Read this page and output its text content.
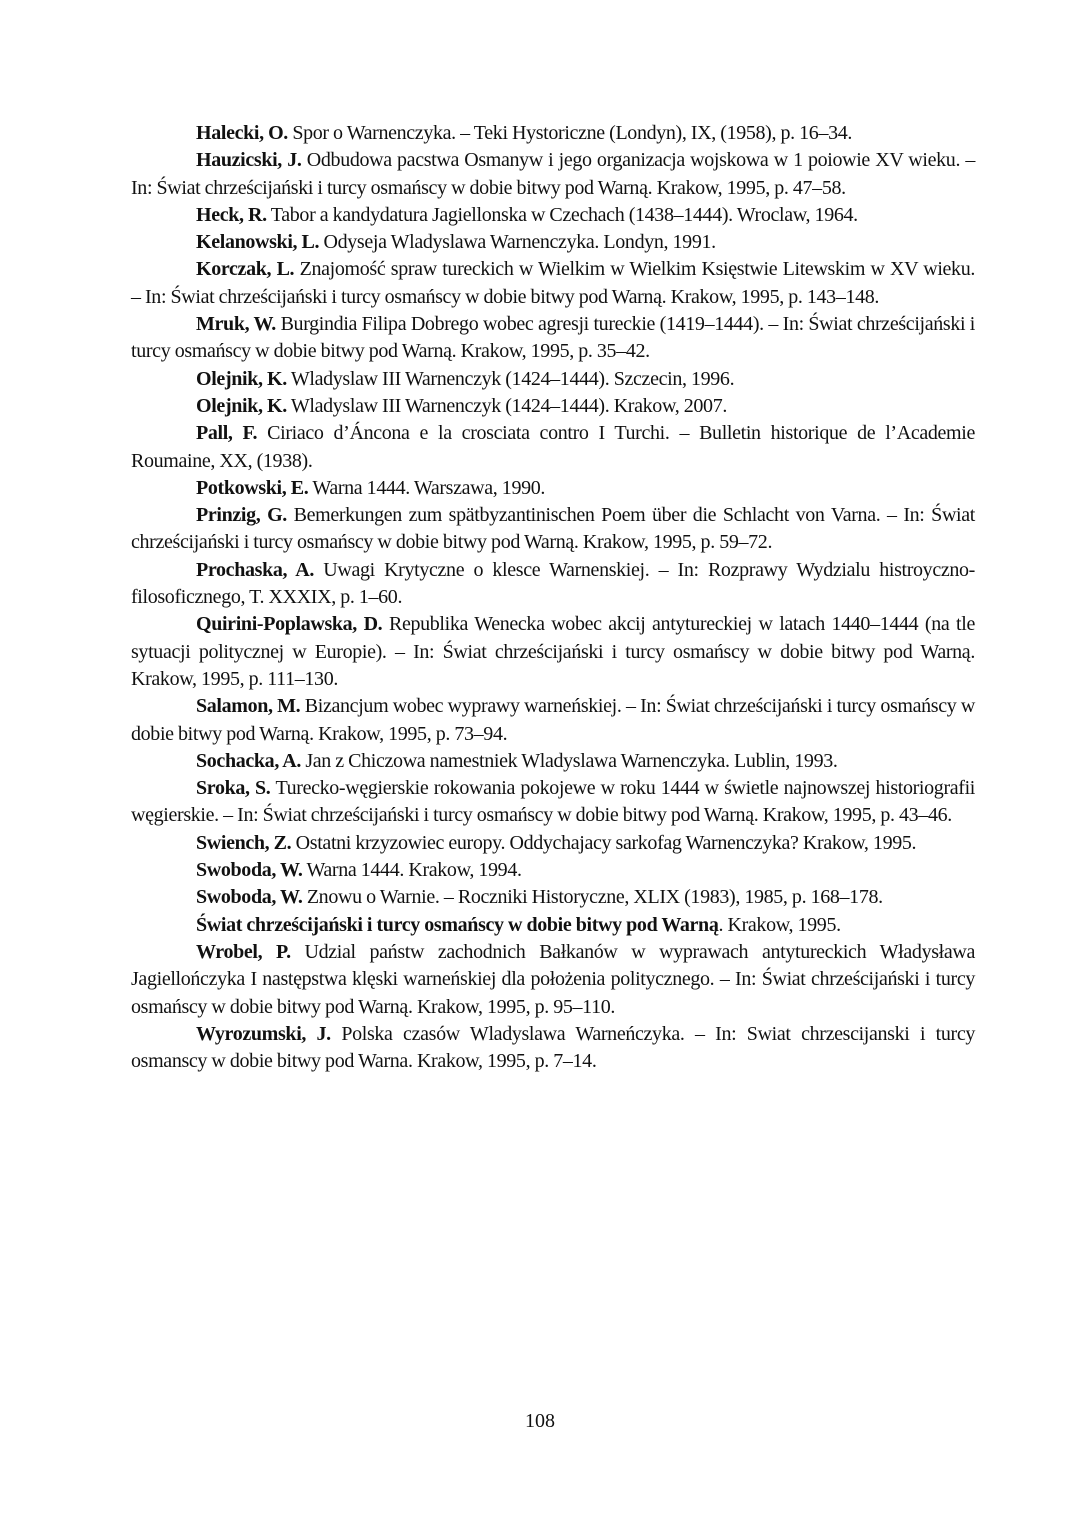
Halecki, O. Spor o Warnenczyka. – Teki Hystoriczne (Londyn), IX, (1958), p. 16–34.

Hauzicski, J. Odbudowa pacstwa Osmanyw i jego organizacja wojskowa w 1 poiowie XV wieku. – In: Świat chrześcijański i turcy osmańscy w dobie bitwy pod Warną. Krakow, 1995, p. 47–58.

Heck, R. Tabor a kandydatura Jagiellonska w Czechach (1438–1444). Wroclaw, 1964.

Kelanowski, L. Odyseja Wladyslawa Warnenczyka. Londyn, 1991.

Korczak, L. Znajomość spraw tureckich w Wielkim w Wielkim Księstwie Litewskim w XV wieku. – In: Świat chrześcijański i turcy osmańscy w dobie bitwy pod Warną. Krakow, 1995, p. 143–148.

Mruk, W. Burgindia Filipa Dobrego wobec agresji tureckie (1419–1444). – In: Świat chrześcijański i turcy osmańscy w dobie bitwy pod Warną. Krakow, 1995, p. 35–42.

Olejnik, K. Wladyslaw III Warnenczyk (1424–1444). Szczecin, 1996.

Olejnik, K. Wladyslaw III Warnenczyk (1424–1444). Krakow, 2007.

Pall, F. Ciriaco d’Áncona e la crosciata contro I Turchi. – Bulletin historique de l’Academie Roumaine, XX, (1938).

Potkowski, E. Warna 1444. Warszawa, 1990.

Prinzig, G. Bemerkungen zum spätbyzantinischen Poem über die Schlacht von Varna. – In: Świat chrześcijański i turcy osmańscy w dobie bitwy pod Warną. Krakow, 1995, p. 59–72.

Prochaska, A. Uwagi Krytyczne o klesce Warnenskiej. – In: Rozprawy Wydzialu histroyczno-filosoficznego, T. XXXIX, p. 1–60.

Quirini-Poplawska, D. Republika Wenecka wobec akcij antytureckiej w latach 1440–1444 (na tle sytuacji politycznej w Europie). – In: Świat chrześcijański i turcy osmańscy w dobie bitwy pod Warną. Krakow, 1995, p. 111–130.

Salamon, M. Bizancjum wobec wyprawy warneńskiej. – In: Świat chrześcijański i turcy osmańscy w dobie bitwy pod Warną. Krakow, 1995, p. 73–94.

Sochacka, A. Jan z Chiczowa namestniek Wladyslawa Warnenczyka. Lublin, 1993.

Sroka, S. Turecko-węgierskie rokowania pokojewe w roku 1444 w świetle najnowszej historiografii węgierskie. – In: Świat chrześcijański i turcy osmańscy w dobie bitwy pod Warną. Krakow, 1995, p. 43–46.

Swiench, Z. Ostatni krzyzowiec europy. Oddychajacy sarkofag Warnenczyka? Krakow, 1995.

Swoboda, W. Warna 1444. Krakow, 1994.

Swoboda, W. Znowu o Warnie. – Roczniki Historyczne, XLIX (1983), 1985, p. 168–178.

Świat chrześcijański i turcy osmańscy w dobie bitwy pod Warną. Krakow, 1995.

Wrobel, P. Udzial państw zachodnich Bałkanów w wyprawach antytureckich Władysława Jagiellończyka I następstwa klęski warneńskiej dla położenia politycznego. – In: Świat chrześcijański i turcy osmańscy w dobie bitwy pod Warną. Krakow, 1995, p. 95–110.

Wyrozumski, J. Polska czasów Wladyslawa Warneńczyka. – In: Swiat chrzescijanski i turcy osmanscy w dobie bitwy pod Warna. Krakow, 1995, p. 7–14.

108
